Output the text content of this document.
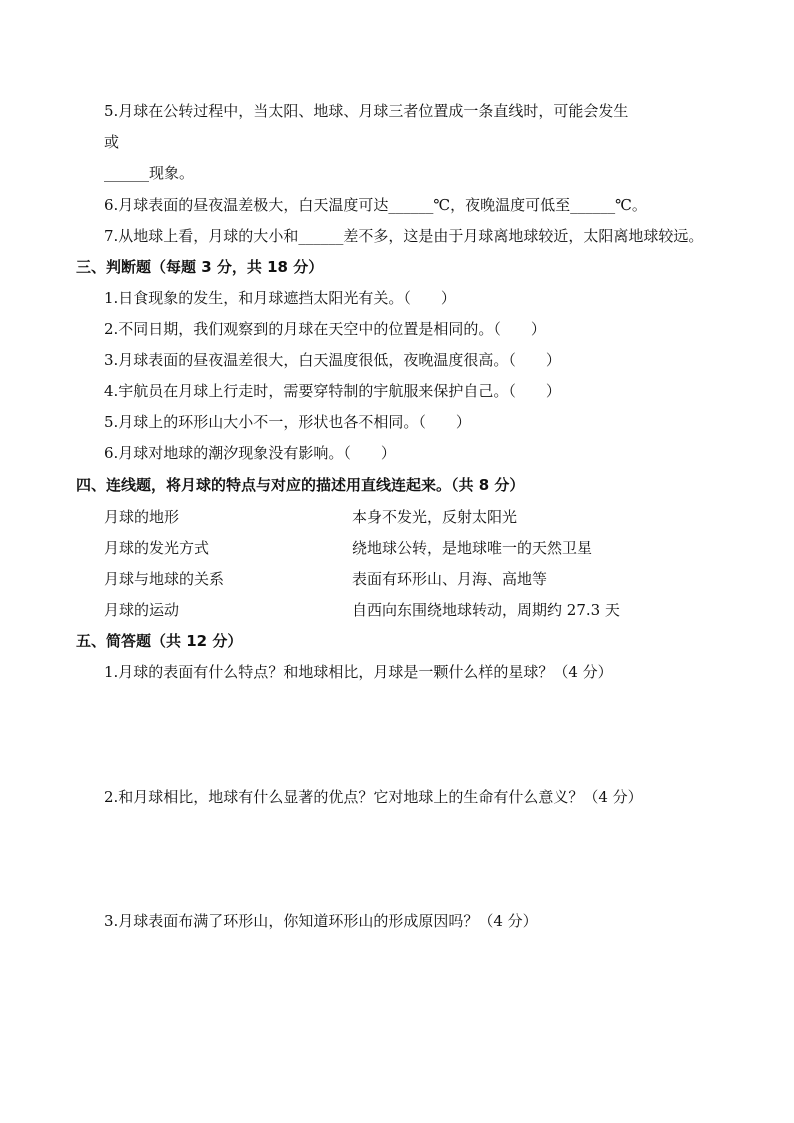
5.月球在公转过程中，当太阳、地球、月球三者位置成一条直线时，可能会发生
或
______现象。
6.月球表面的昼夜温差极大，白天温度可达______℃，夜晚温度可低至______℃。
7.从地球上看，月球的大小和______差不多，这是由于月球离地球较近，太阳离地球较远。
三、判断题（每题 3 分，共 18 分）
1.日食现象的发生，和月球遮挡太阳光有关。（　　）
2.不同日期，我们观察到的月球在天空中的位置是相同的。（　　）
3.月球表面的昼夜温差很大，白天温度很低，夜晚温度很高。（　　）
4.宇航员在月球上行走时，需要穿特制的宇航服来保护自己。（　　）
5.月球上的环形山大小不一，形状也各不相同。（　　）
6.月球对地球的潮汐现象没有影响。（　　）
四、连线题，将月球的特点与对应的描述用直线连起来。（共 8 分）
月球的地形	本身不发光，反射太阳光
月球的发光方式	绕地球公转，是地球唯一的天然卫星
月球与地球的关系	表面有环形山、月海、高地等
月球的运动	自西向东围绕地球转动，周期约 27.3 天
五、简答题（共 12 分）
1.月球的表面有什么特点？和地球相比，月球是一颗什么样的星球？（4 分）
2.和月球相比，地球有什么显著的优点？它对地球上的生命有什么意义？（4 分）
3.月球表面布满了环形山，你知道环形山的形成原因吗？（4 分）
